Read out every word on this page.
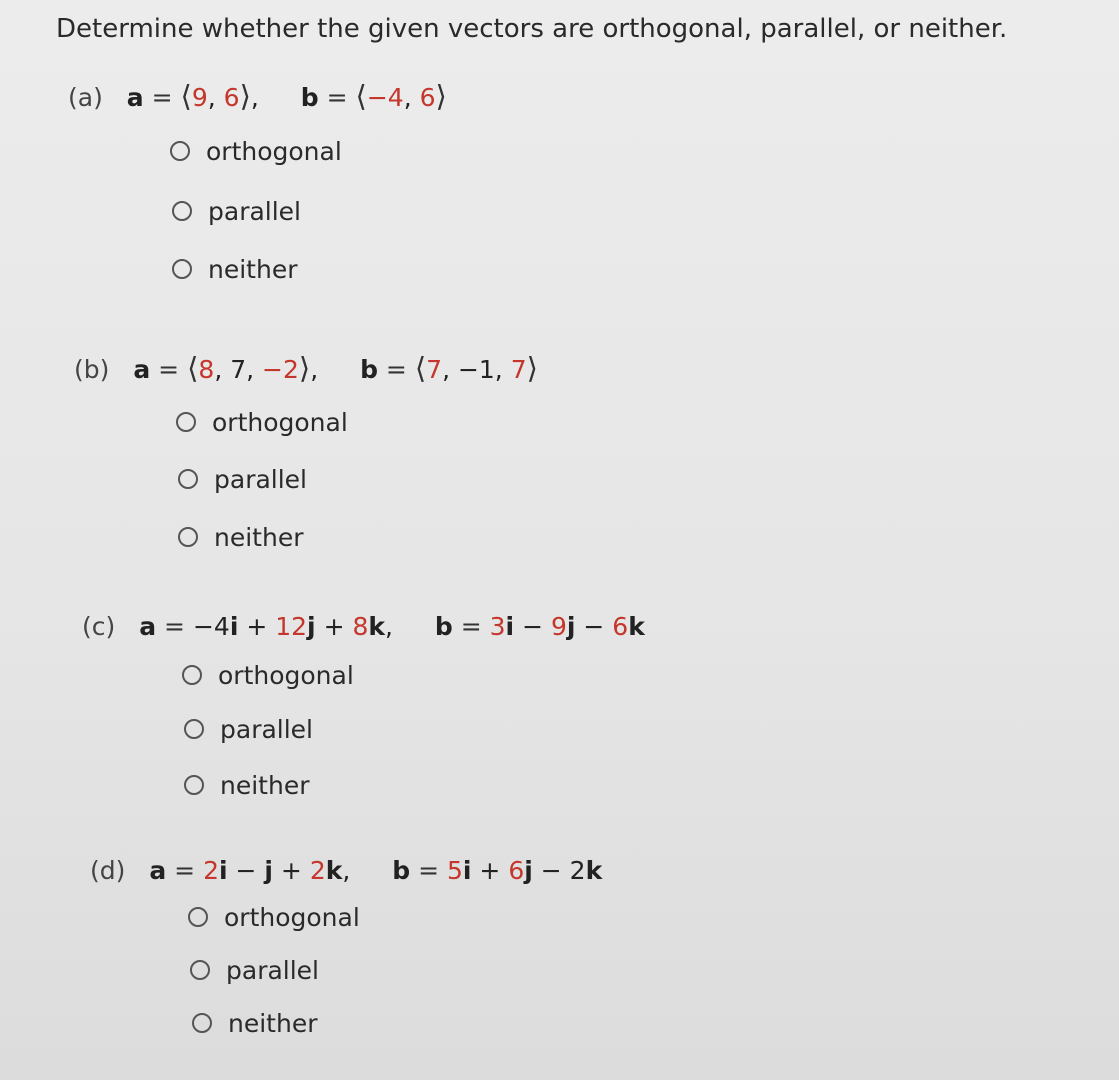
Determine whether the given vectors are orthogonal, parallel, or neither.
(a) a = ⟨9, 6⟩, b = ⟨−4, 6⟩
orthogonal
parallel
neither
(b) a = ⟨8, 7, −2⟩, b = ⟨7, −1, 7⟩
orthogonal
parallel
neither
(c) a = −4i + 12j + 8k, b = 3i − 9j − 6k
orthogonal
parallel
neither
(d) a = 2i − j + 2k, b = 5i + 6j − 2k
orthogonal
parallel
neither
